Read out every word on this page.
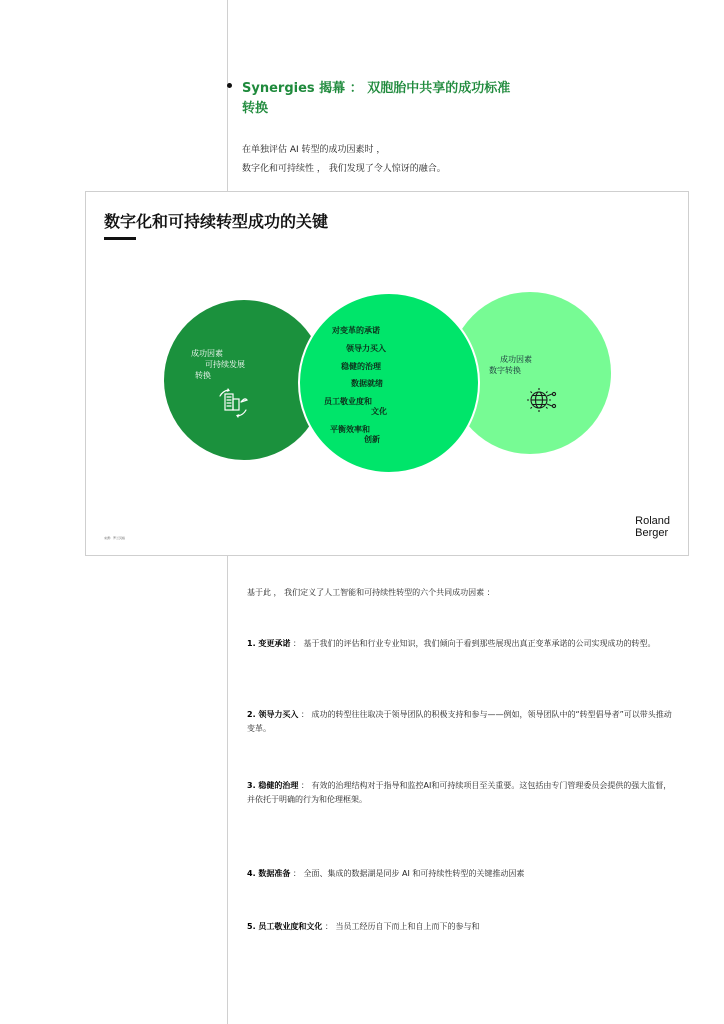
Synergies 揭幕 ： 双胞胎中共享的成功标准
转换
在单独评估 AI 转型的成功因素时 ，
数字化和可持续性 ， 我们发现了令人惊讶的融合。
数字化和可持续转型成功的关键
成功因素
可持续发展
转换
成功因素
数字转换
对变革的承诺
领导力买入
稳健的治理
数据就绪
员工敬业度和
文化
平衡效率和
创新
Roland
Berger
来源：罗兰贝格
基于此 ， 我们定义了人工智能和可持续性转型的六个共同成功因素 ：
1. 变更承诺 ： 基于我们的评估和行业专业知识，我们倾向于看到那些展现出真正变革承诺的公司实现成功的转型。
2. 领导力买入 ： 成功的转型往往取决于领导团队的积极支持和参与——例如，领导团队中的“转型倡导者”可以带头推动变革。
3. 稳健的治理 ： 有效的治理结构对于指导和监控AI和可持续项目至关重要。这包括由专门管理委员会提供的强大监督，并依托于明确的行为和伦理框架。
4. 数据准备 ： 全面、集成的数据湖是同步 AI 和可持续性转型的关键推动因素
5. 员工敬业度和文化 ： 当员工经历自下而上和自上而下的参与和
